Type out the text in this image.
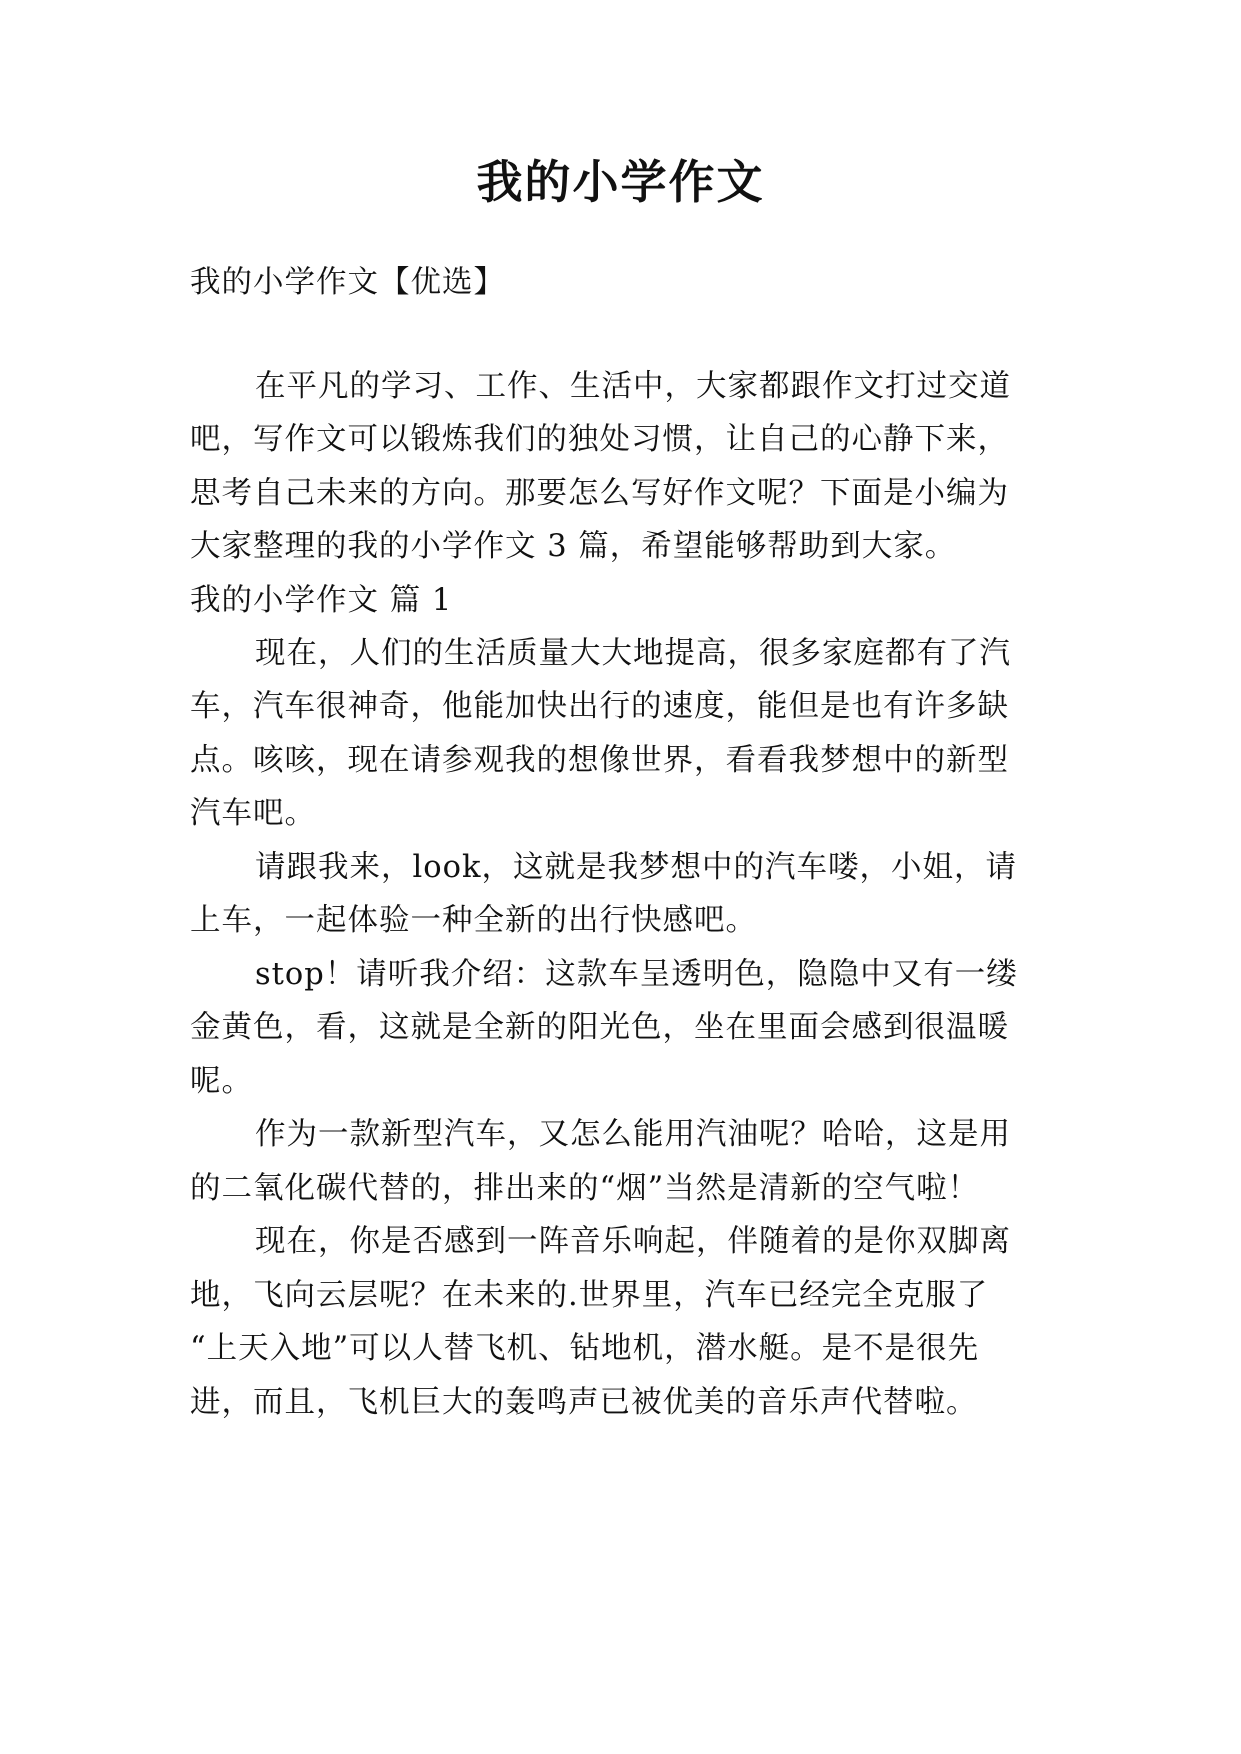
我的小学作文
我的小学作文【优选】
在平凡的学习、工作、生活中，大家都跟作文打过交道
吧，写作文可以锻炼我们的独处习惯，让自己的心静下来，
思考自己未来的方向。那要怎么写好作文呢？下面是小编为
大家整理的我的小学作文 3 篇，希望能够帮助到大家。
我的小学作文 篇 1
现在，人们的生活质量大大地提高，很多家庭都有了汽
车，汽车很神奇，他能加快出行的速度，能但是也有许多缺
点。咳咳，现在请参观我的想像世界，看看我梦想中的新型
汽车吧。
请跟我来，look，这就是我梦想中的汽车喽，小姐，请
上车，一起体验一种全新的出行快感吧。
stop！请听我介绍：这款车呈透明色，隐隐中又有一缕
金黄色，看，这就是全新的阳光色，坐在里面会感到很温暖
呢。
作为一款新型汽车，又怎么能用汽油呢？哈哈，这是用
的二氧化碳代替的，排出来的“烟”当然是清新的空气啦！
现在，你是否感到一阵音乐响起，伴随着的是你双脚离
地，飞向云层呢？在未来的.世界里，汽车已经完全克服了
“上天入地”可以人替飞机、钻地机，潜水艇。是不是很先
进，而且，飞机巨大的轰鸣声已被优美的音乐声代替啦。
